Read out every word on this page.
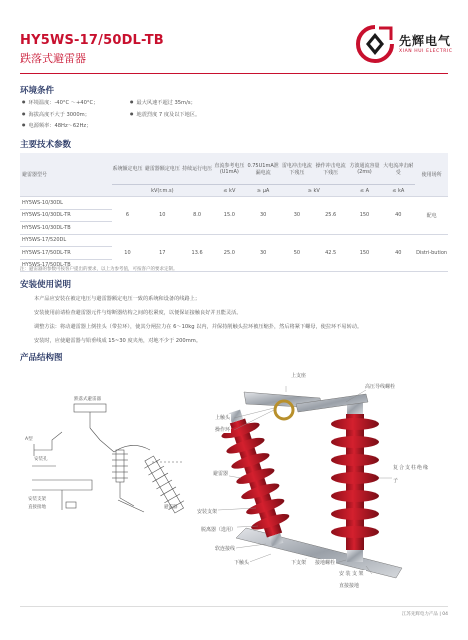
HY5WS-17/50DL-TB
跌落式避雷器
先辉电气
XIAN HUI ELECTRIC
环境条件
● 环境温度：-40°C ～+40°C；
● 海拔高度不大于 3000m；
● 电源频率：48Hz～62Hz；
● 最大风速不超过 35m/s；
● 地震烈度 7 度及以下地区。
主要技术参数
避雷器型号	系统额定电压	避雷器额定电压	持续运行电压	直流参考电压 (U1mA)	0.75U1mA泄漏电流	雷电冲击电流下残压	操作冲击电流下残压	方波通流容量 (2ms)	大电流冲击耐受	使用场所
	kV(r.m.s)			≤ kV	≥ μA	≥ kV		≤ A	≤ kA	
HY5WS-10/30DL	6	10	8.0	15.0	30	30	25.6	150	40	配电
HY5WS-10/30DL-TR										
HY5WS-10/30DL-TB										
HY5WS-17/520DL	10	17	13.6	25.0	30	50	42.5	150	40	Distri-bution
HY5WS-17/50DL-TR										
HY5WS-17/50DL-TB										
注：避雷器的参数可按客户提出的要求，以上为参考值，可按客户的要求定制。
安装使用说明
本产品应安装在被定电压与避雷器额定电压一致的系统和设备的线路上；
安装使用前请检查避雷器元件与熔断器结构之间的松紧度，以便保证接触良好并且能灵活。
调整方法：将动避雷器上倒挂头（带拉环），使其分闸拉力在 6～10kg 以内，并保持削触头拉环被压缩扑，然后将紧下螺母，使拉环不易转动。
安装时，应使避雷器与铅垂线成 15~30 度夹角，对地不少于 200mm。
产品结构图
跌落式避雷器
安装孔
安装支架
直接接地	避雷器
A型
上支座
高压导线螺栓
上触头
操作环
避雷器
复合支柱绝缘子
安装支架
脱离器（选用）
软连接线
下触头	下支架 接地螺栓
安装支架
直接接地
江苏先辉电力产品 | 04
